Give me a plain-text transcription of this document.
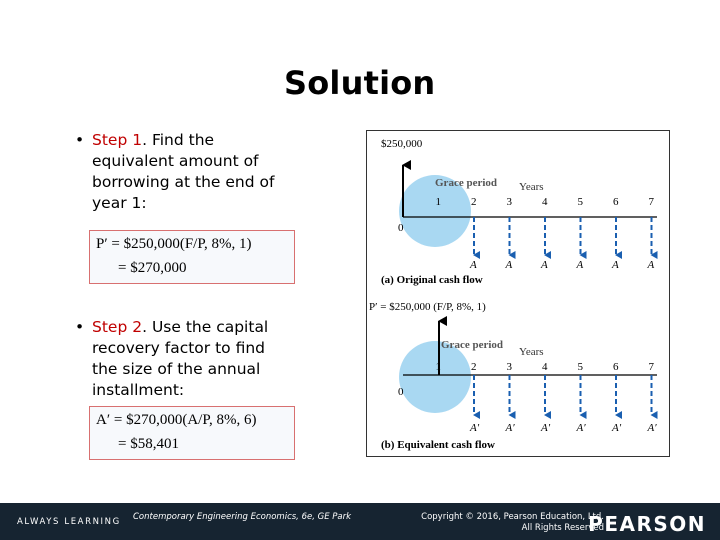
Solution
• Step 1. Find the equivalent amount of borrowing at the end of year 1:
P′ = $250,000(F/P, 8%, 1)
= $270,000
• Step 2. Use the capital recovery factor to find the size of the annual installment:
A′ = $270,000(A/P, 8%, 6)
= $58,401
$250,000
0
Grace period Years
1	2	3	4	5	6	7
A	A	A	A	A	A
(a) Original cash flow
P′ = $250,000 (F/P, 8%, 1)
0
Grace period
Years
1	2	3	4	5	6	7
A′ A′ A′ A′ A′ A′
(b) Equivalent cash flow
ALWAYS LEARNING Contemporary Engineering Economics, 6e, GE Park	Copyright © 2016, Pearson Education, Ltd.
All Rights Reserved
PEARSON
